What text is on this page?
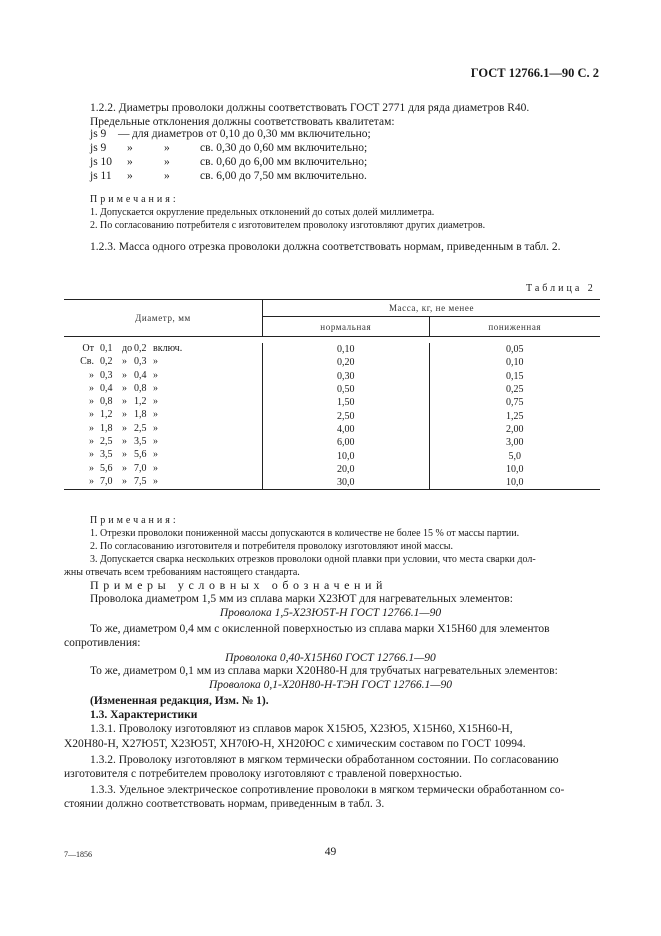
ГОСТ 12766.1—90 С. 2
1.2.2. Диаметры проволоки должны соответствовать ГОСТ 2771 для ряда диаметров R40.
Предельные отклонения должны соответствовать квалитетам:
js 9 — для диаметров от 0,10 до 0,30 мм включительно;
js 9 »	»	св. 0,30 до 0,60 мм включительно;
js 10 »	»	св. 0,60 до 6,00 мм включительно;
js 11 »	»	св. 6,00 до 7,50 мм включительно.
Примечания:
1. Допускается округление предельных отклонений до сотых долей миллиметра.
2. По согласованию потребителя с изготовителем проволоку изготовляют других диаметров.
1.2.3. Масса одного отрезка проволоки должна соответствовать нормам, приведенным в табл. 2.
Таблица 2
Диаметр, мм	Масса, кг, не менее	
	нормальная	пониженная

От 0,1 до 0,2 включ.	0,10	0,05

Св. 0,2 » 0,3 »	0,20	0,10

» 0,3 » 0,4 »	0,30	0,15

» 0,4 » 0,8 »	0,50	0,25

» 0,8 » 1,2 »	1,50	0,75

» 1,2 » 1,8 »	2,50	1,25

» 1,8 » 2,5 »	4,00	2,00

» 2,5 » 3,5 »	6,00	3,00

» 3,5 » 5,6 »	10,0	5,0

» 5,6 » 7,0 »	20,0	10,0

» 7,0 » 7,5 »	30,0	10,0
Примечания:
1. Отрезки проволоки пониженной массы допускаются в количестве не более 15 % от массы партии.
2. По согласованию изготовителя и потребителя проволоку изготовляют иной массы.
3. Допускается сварка нескольких отрезков проволоки одной плавки при условии, что места сварки дол-
жны отвечать всем требованиям настоящего стандарта.
Примеры условных обозначений
Проволока диаметром 1,5 мм из сплава марки Х23ЮТ для нагревательных элементов:
Проволока 1,5-Х23Ю5Т-Н ГОСТ 12766.1—90
То же, диаметром 0,4 мм с окисленной поверхностью из сплава марки Х15Н60 для элементов
сопротивления:
Проволока 0,40-Х15Н60 ГОСТ 12766.1—90
То же, диаметром 0,1 мм из сплава марки Х20Н80-Н для трубчатых нагревательных элементов:
Проволока 0,1-Х20Н80-Н-ТЭН ГОСТ 12766.1—90
(Измененная редакция, Изм. № 1).
1.3. Характеристики
1.3.1. Проволоку изготовляют из сплавов марок Х15Ю5, Х23Ю5, Х15Н60, Х15Н60-Н,
Х20Н80-Н, Х27Ю5Т, Х23Ю5Т, ХН70Ю-Н, ХН20ЮС с химическим составом по ГОСТ 10994.
1.3.2. Проволоку изготовляют в мягком термически обработанном состоянии. По согласованию
изготовителя с потребителем проволоку изготовляют с травленой поверхностью.
1.3.3. Удельное электрическое сопротивление проволоки в мягком термически обработанном со-
стоянии должно соответствовать нормам, приведенным в табл. 3.
7—1856	49
